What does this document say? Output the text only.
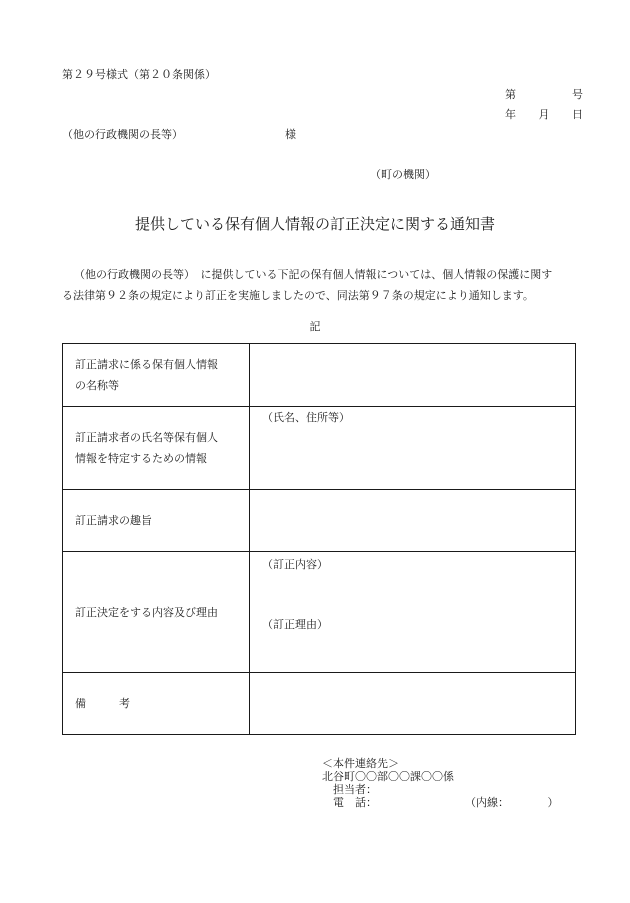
第２９号様式（第２０条関係）
第	号
年 月 日
（他の行政機関の長等）	様
（町の機関）
提供している保有個人情報の訂正決定に関する通知書
（他の行政機関の長等）　に提供している下記の保有個人情報については、個人情報の保護に関す
る法律第９２条の規定により訂正を実施しましたので、同法第９７条の規定により通知します。
記
訂正請求に係る保有個人情報
の名称等	

訂正請求者の氏名等保有個人
情報を特定するための情報	（氏名、住所等）

訂正請求の趣旨	

訂正決定をする内容及び理由	（訂正内容）
（訂正理由）

備　　　考	

＜本件連絡先＞
北谷町〇〇部〇〇課〇〇係
　担当者：
　電　話：　　　　　　　　　（内線：　　　　）
